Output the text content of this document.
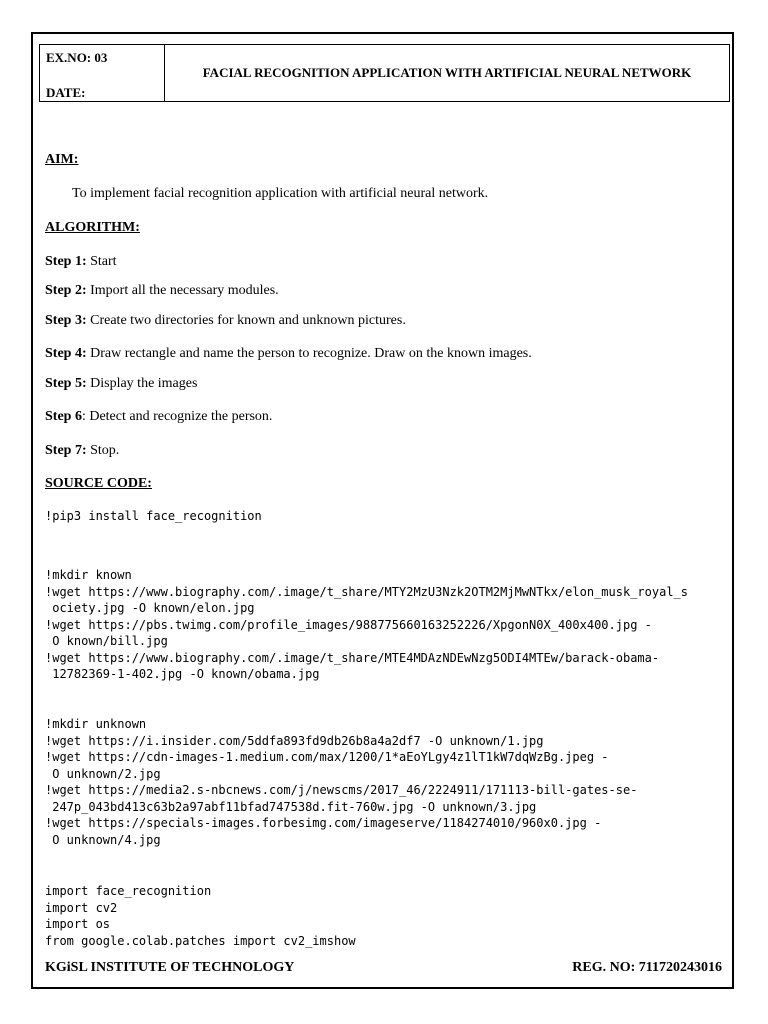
EX.NO: 03
DATE:
FACIAL RECOGNITION APPLICATION WITH ARTIFICIAL NEURAL NETWORK
AIM:
To implement facial recognition application with artificial neural network.
ALGORITHM:
Step 1: Start
Step 2: Import all the necessary modules.
Step 3: Create two directories for known and unknown pictures.
Step 4: Draw rectangle and name the person to recognize. Draw on the known images.
Step 5: Display the images
Step 6: Detect and recognize the person.
Step 7: Stop.
SOURCE CODE:
!pip3 install face_recognition
!mkdir known
!wget https://www.biography.com/.image/t_share/MTY2MzU3Nzk2OTM2MjMwNTkx/elon_musk_royal_s
ociety.jpg -O known/elon.jpg
!wget https://pbs.twimg.com/profile_images/988775660163252226/XpgonN0X_400x400.jpg -
O known/bill.jpg
!wget https://www.biography.com/.image/t_share/MTE4MDAzNDEwNzg5ODI4MTEw/barack-obama-
12782369-1-402.jpg -O known/obama.jpg
!mkdir unknown
!wget https://i.insider.com/5ddfa893fd9db26b8a4a2df7 -O unknown/1.jpg
!wget https://cdn-images-1.medium.com/max/1200/1*aEoYLgy4z1lT1kW7dqWzBg.jpeg -
O unknown/2.jpg
!wget https://media2.s-nbcnews.com/j/newscms/2017_46/2224911/171113-bill-gates-se-
247p_043bd413c63b2a97abf11bfad747538d.fit-760w.jpg -O unknown/3.jpg
!wget https://specials-images.forbesimg.com/imageserve/1184274010/960x0.jpg -
O unknown/4.jpg
import face_recognition
import cv2
import os
from google.colab.patches import cv2_imshow
KGiSL INSTITUTE OF TECHNOLOGY	REG. NO: 711720243016
